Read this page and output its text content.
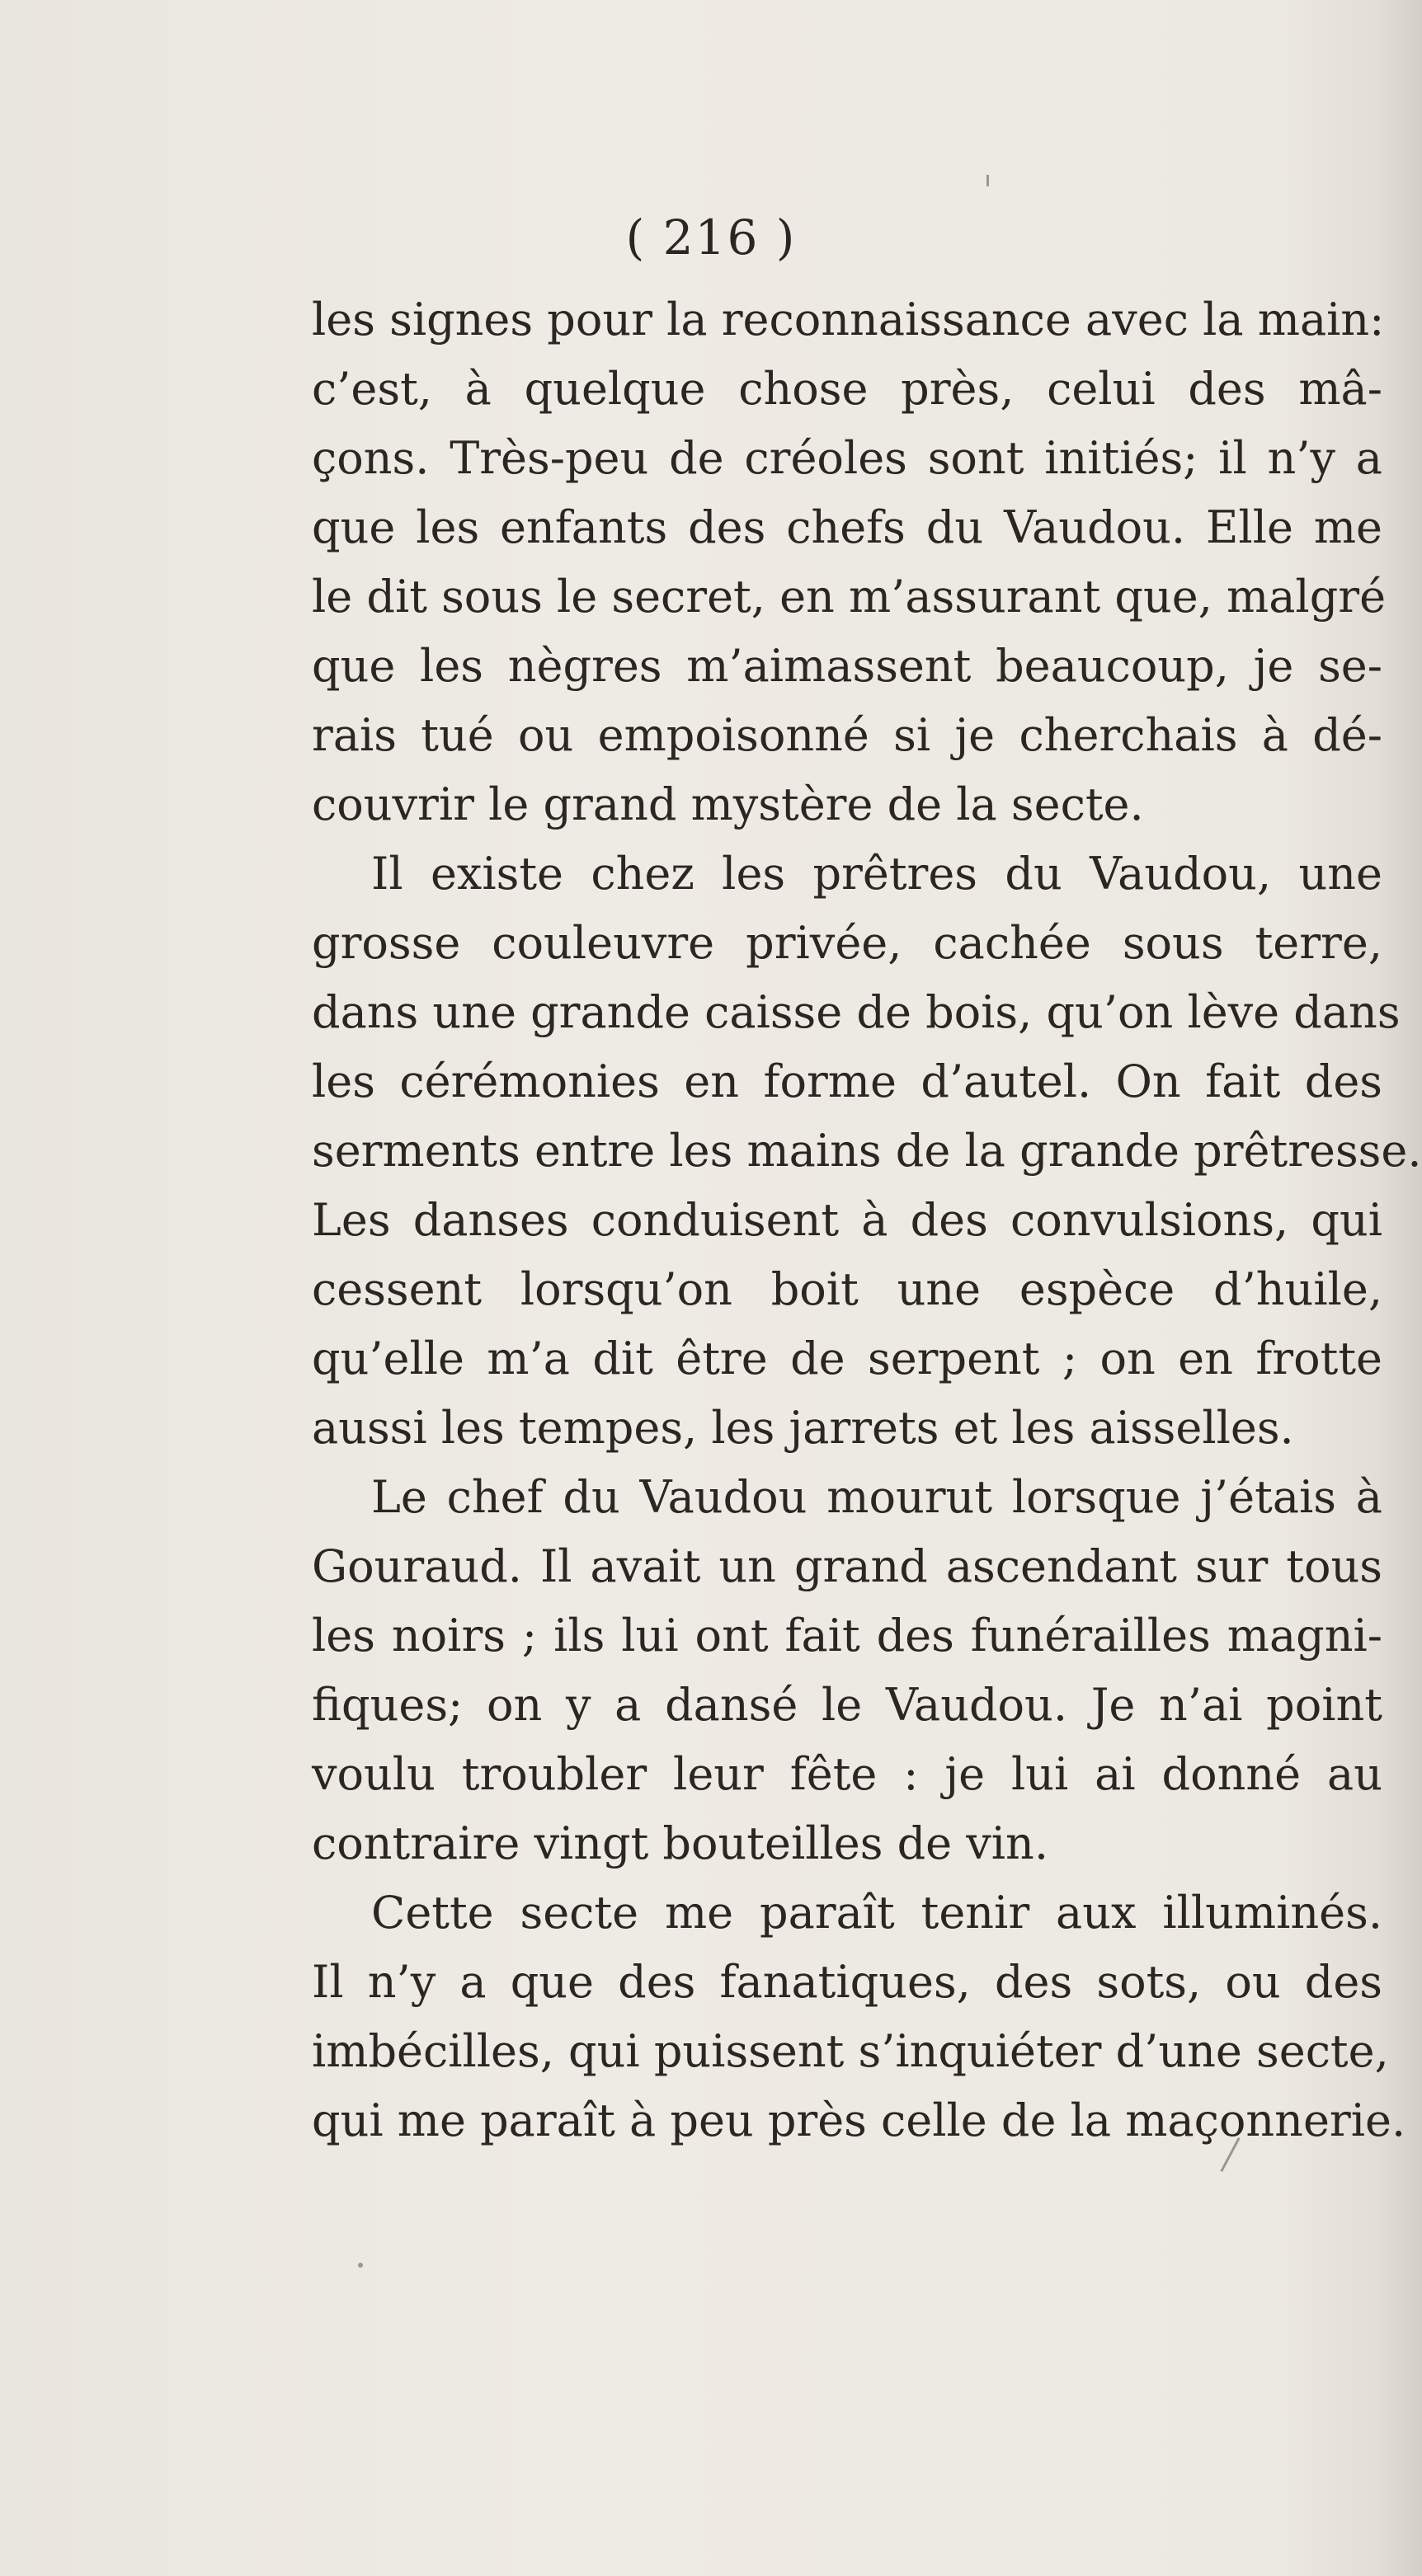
( 216 )
les signes pour la reconnaissance avec la main:
c’est, à quelque chose près, celui des mâ-
çons. Très-peu de créoles sont initiés; il n’y a
que les enfants des chefs du Vaudou. Elle me
le dit sous le secret, en m’assurant que, malgré
que les nègres m’aimassent beaucoup, je se-
rais tué ou empoisonné si je cherchais à dé-
couvrir le grand mystère de la secte.
Il existe chez les prêtres du Vaudou, une
grosse couleuvre privée, cachée sous terre,
dans une grande caisse de bois, qu’on lève dans
les cérémonies en forme d’autel. On fait des
serments entre les mains de la grande prêtresse.
Les danses conduisent à des convulsions, qui
cessent lorsqu’on boit une espèce d’huile,
qu’elle m’a dit être de serpent ; on en frotte
aussi les tempes, les jarrets et les aisselles.
Le chef du Vaudou mourut lorsque j’étais à
Gouraud. Il avait un grand ascendant sur tous
les noirs ; ils lui ont fait des funérailles magni-
fiques; on y a dansé le Vaudou. Je n’ai point
voulu troubler leur fête : je lui ai donné au
contraire vingt bouteilles de vin.
Cette secte me paraît tenir aux illuminés.
Il n’y a que des fanatiques, des sots, ou des
imbécilles, qui puissent s’inquiéter d’une secte,
qui me paraît à peu près celle de la maçonnerie.
